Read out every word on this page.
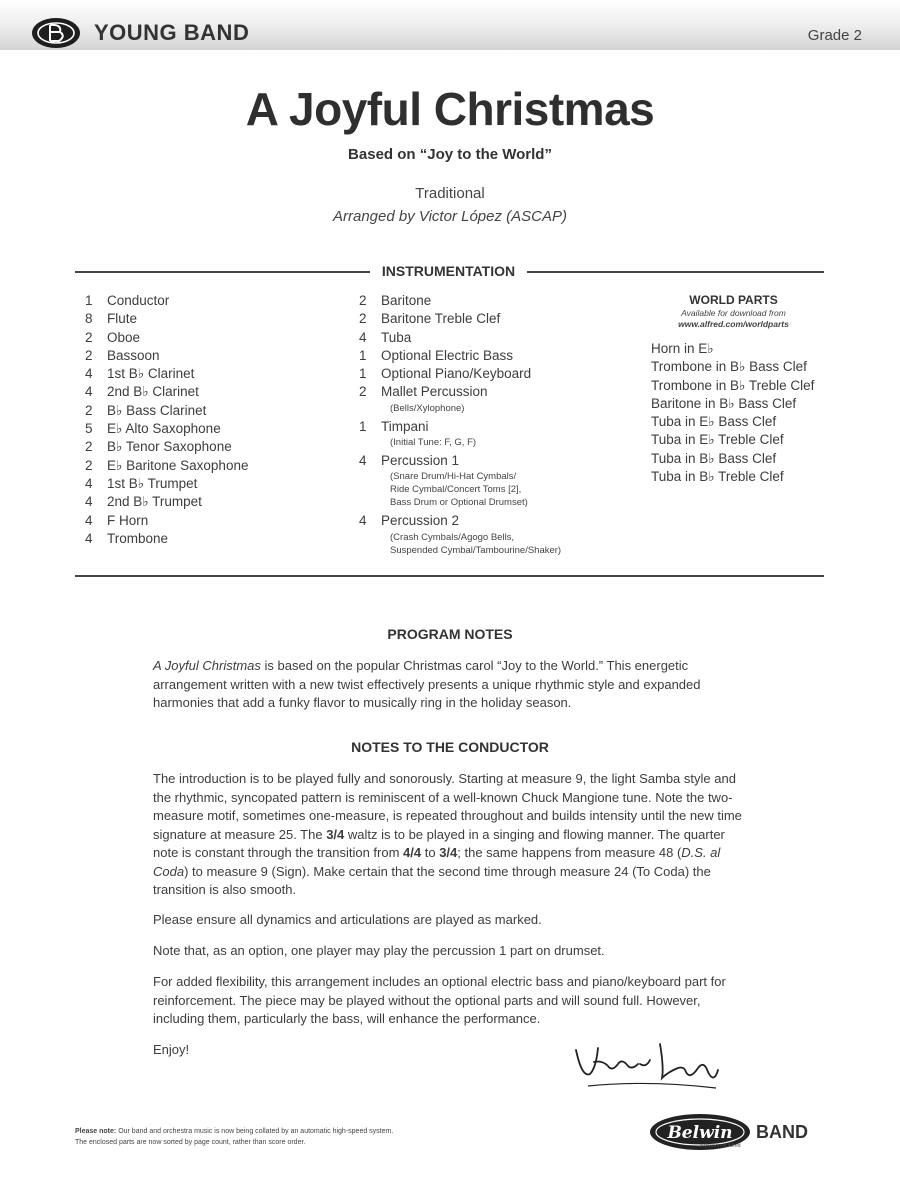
YOUNG BAND	Grade 2
A Joyful Christmas
Based on “Joy to the World”
Traditional
Arranged by Victor López (ASCAP)
INSTRUMENTATION
1	Conductor
8	Flute
2	Oboe
2	Bassoon
4	1st B♭ Clarinet
4	2nd B♭ Clarinet
2	B♭ Bass Clarinet
5	E♭ Alto Saxophone
2	B♭ Tenor Saxophone
2	E♭ Baritone Saxophone
4	1st B♭ Trumpet
4	2nd B♭ Trumpet
4	F Horn
4	Trombone
2	Baritone
2	Baritone Treble Clef
4	Tuba
1	Optional Electric Bass
1	Optional Piano/Keyboard
2	Mallet Percussion
(Bells/Xylophone)
1	Timpani
(Initial Tune: F, G, F)
4	Percussion 1
(Snare Drum/Hi-Hat Cymbals/
Ride Cymbal/Concert Toms [2],
Bass Drum or Optional Drumset)
4	Percussion 2
(Crash Cymbals/Agogo Bells,
Suspended Cymbal/Tambourine/Shaker)
WORLD PARTS
Available for download from
www.alfred.com/worldparts
Horn in E♭
Trombone in B♭ Bass Clef
Trombone in B♭ Treble Clef
Baritone in B♭ Bass Clef
Tuba in E♭ Bass Clef
Tuba in E♭ Treble Clef
Tuba in B♭ Bass Clef
Tuba in B♭ Treble Clef
PROGRAM NOTES
A Joyful Christmas is based on the popular Christmas carol “Joy to the World.” This energetic arrangement written with a new twist effectively presents a unique rhythmic style and expanded harmonies that add a funky flavor to musically ring in the holiday season.
NOTES TO THE CONDUCTOR
The introduction is to be played fully and sonorously. Starting at measure 9, the light Samba style and the rhythmic, syncopated pattern is reminiscent of a well-known Chuck Mangione tune. Note the two-measure motif, sometimes one-measure, is repeated throughout and builds intensity until the new time signature at measure 25. The 3/4 waltz is to be played in a singing and flowing manner. The quarter note is constant through the transition from 4/4 to 3/4; the same happens from measure 48 (D.S. al Coda) to measure 9 (Sign). Make certain that the second time through measure 24 (To Coda) the transition is also smooth.
Please ensure all dynamics and articulations are played as marked.
Note that, as an option, one player may play the percussion 1 part on drumset.
For added flexibility, this arrangement includes an optional electric bass and piano/keyboard part for reinforcement. The piece may be played without the optional parts and will sound full. However, including them, particularly the bass, will enhance the performance.
Enjoy!
Please note: Our band and orchestra music is now being collated by an automatic high-speed system.
The enclosed parts are now sorted by page count, rather than score order.	Belwin BAND
a division of Alfred
